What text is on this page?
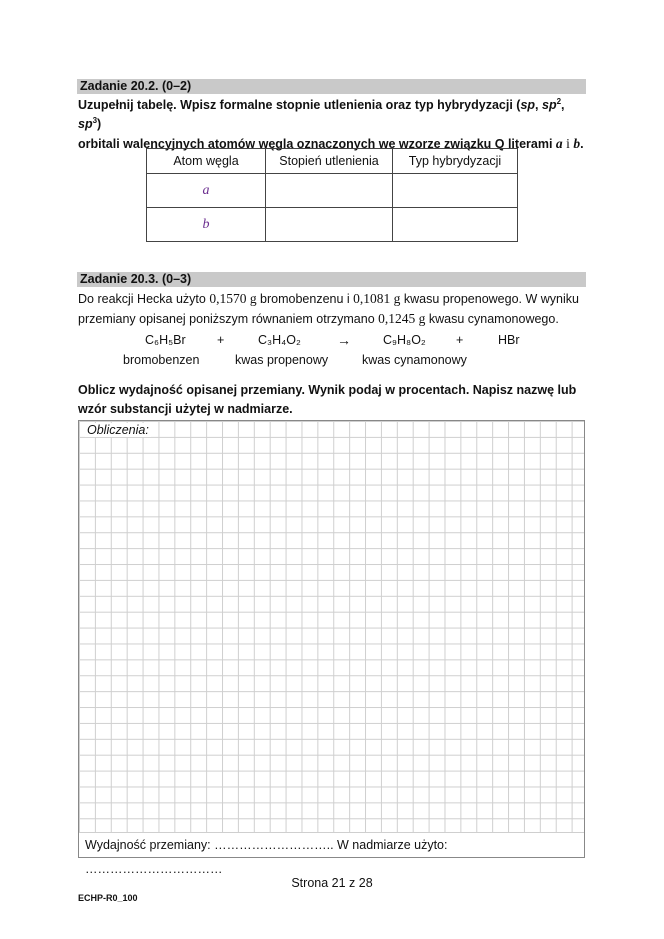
Zadanie 20.2. (0–2)
Uzupełnij tabelę. Wpisz formalne stopnie utlenienia oraz typ hybrydyzacji (sp, $sp^2$, $sp^3$)
orbitali walencyjnych atomów węgla oznaczonych we wzorze związku Q literami a i b.
Atom węgla	Stopień utlenienia	Typ hybrydyzacji
a		
b		
Zadanie 20.3. (0–3)
Do reakcji Hecka użyto 0,1570 g bromobenzenu i 0,1081 g kwasu propenowego. W wyniku
przemiany opisanej poniższym równaniem otrzymano 0,1245 g kwasu cynamonowego.
C₆H₅Br	+	C₃H₄O₂	→	C₉H₈O₂ +	HBr
bromobenzen	kwas propenowy	kwas cynamonowy
Oblicz wydajność opisanej przemiany. Wynik podaj w procentach. Napisz nazwę lub
wzór substancji użytej w nadmiarze.
Obliczenia:
Wydajność przemiany: ……………………….. W nadmiarze użyto: ……………………………
Strona 21 z 28
ECHP-R0_100
